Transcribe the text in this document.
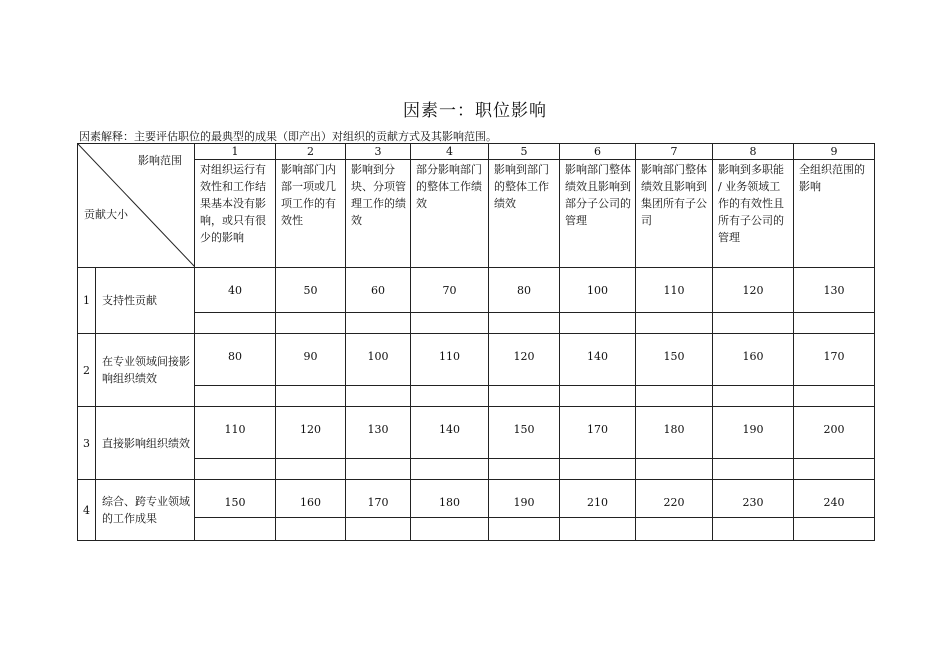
因素一：职位影响
因素解释：主要评估职位的最典型的成果（即产出）对组织的贡献方式及其影响范围。
影响范围
贡献大小		1	2	3	4	5	6	7	8	9
		对组织运行有效性和工作结果基本没有影响，或只有很少的影响	影响部门内部一项或几项工作的有效性	影响到分块、分项管理工作的绩效	部分影响部门的整体工作绩效	影响到部门的整体工作绩效	影响部门整体绩效且影响到部分子公司的管理	影响部门整体绩效且影响到集团所有子公司	影响到多职能 / 业务领域工作的有效性且所有子公司的管理	全组织范围的影响
1	支持性贡献	40	50	60	70	80	100	110	120	130

2	在专业领域间接影响组织绩效	80	90	100	110	120	140	150	160	170

3	直接影响组织绩效	110	120	130	140	150	170	180	190	200

4	综合、跨专业领域的工作成果	150	160	170	180	190	210	220	230	240
